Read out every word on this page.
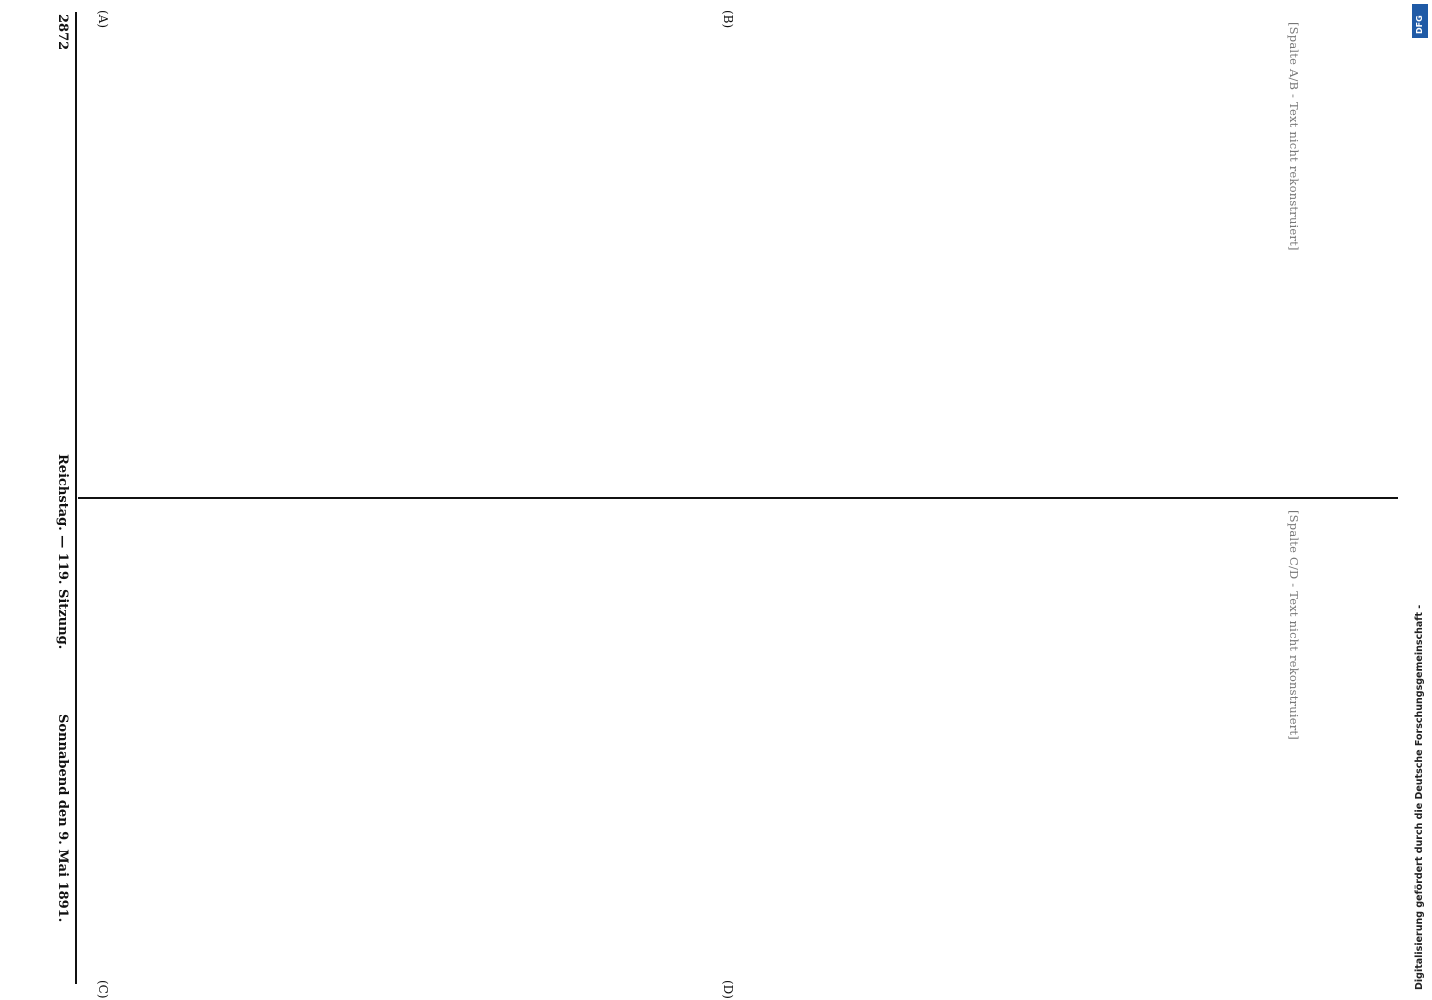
2872
Reichstag. — 119. Sitzung.
Sonnabend den 9. Mai 1891.
(A)	(B)
(C)	(D)
[Spalte A/B - Text nicht rekonstruiert]
[Spalte C/D - Text nicht rekonstruiert]	Digitalisierung gefördert durch die Deutsche Forschungsgemeinschaft -
DFG
